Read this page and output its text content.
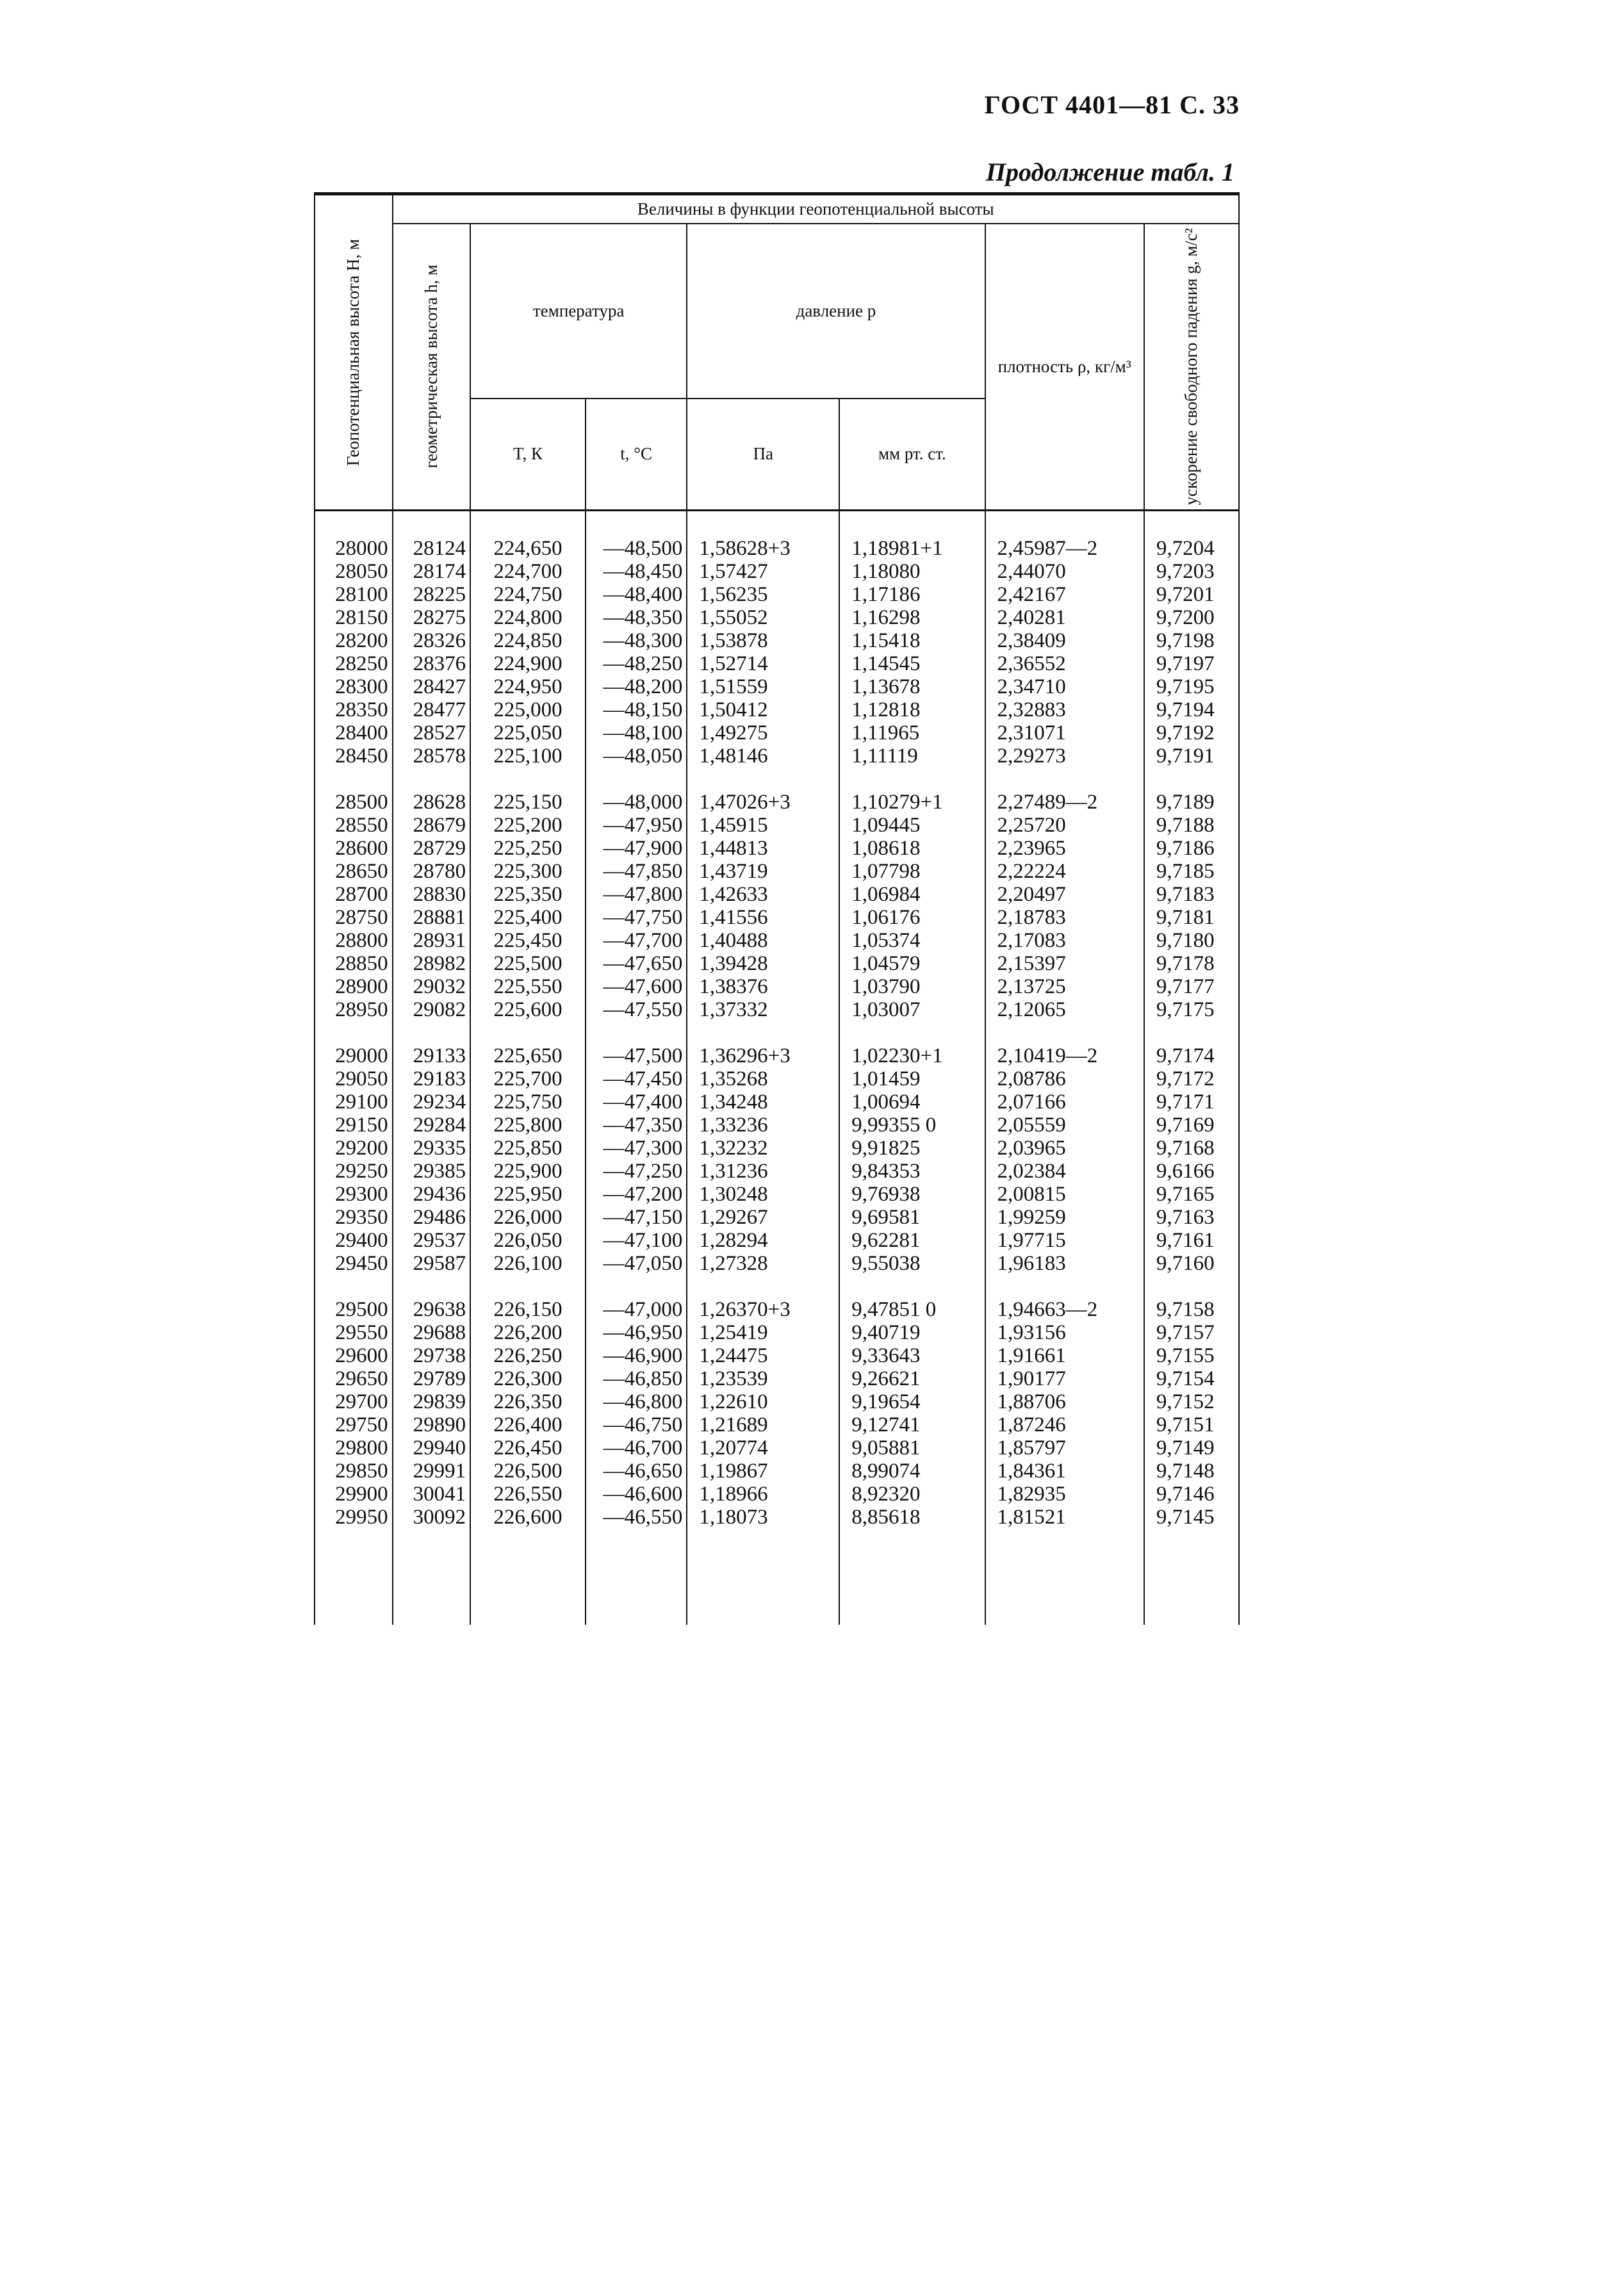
ГОСТ 4401—81 С. 33
Продолжение табл. 1
Геопотенциальная высота H, м	Величины в функции геопотенциальной высоты						

	геометрическая высота h, м	температура		давление p		плотность ρ, кг/м³	ускорение свободного падения g, м/с²

		T, К	t, °С	Па	мм рт. ст.		

28000	28124	224,650	—48,500	1,58628+3	1,18981+1	2,45987—2	9,7204
28050	28174	224,700	—48,450	1,57427	1,18080	2,44070	9,7203
28100	28225	224,750	—48,400	1,56235	1,17186	2,42167	9,7201
28150	28275	224,800	—48,350	1,55052	1,16298	2,40281	9,7200
28200	28326	224,850	—48,300	1,53878	1,15418	2,38409	9,7198
28250	28376	224,900	—48,250	1,52714	1,14545	2,36552	9,7197
28300	28427	224,950	—48,200	1,51559	1,13678	2,34710	9,7195
28350	28477	225,000	—48,150	1,50412	1,12818	2,32883	9,7194
28400	28527	225,050	—48,100	1,49275	1,11965	2,31071	9,7192
28450	28578	225,100	—48,050	1,48146	1,11119	2,29273	9,7191

28500	28628	225,150	—48,000	1,47026+3	1,10279+1	2,27489—2	9,7189
28550	28679	225,200	—47,950	1,45915	1,09445	2,25720	9,7188
28600	28729	225,250	—47,900	1,44813	1,08618	2,23965	9,7186
28650	28780	225,300	—47,850	1,43719	1,07798	2,22224	9,7185
28700	28830	225,350	—47,800	1,42633	1,06984	2,20497	9,7183
28750	28881	225,400	—47,750	1,41556	1,06176	2,18783	9,7181
28800	28931	225,450	—47,700	1,40488	1,05374	2,17083	9,7180
28850	28982	225,500	—47,650	1,39428	1,04579	2,15397	9,7178
28900	29032	225,550	—47,600	1,38376	1,03790	2,13725	9,7177
28950	29082	225,600	—47,550	1,37332	1,03007	2,12065	9,7175

29000	29133	225,650	—47,500	1,36296+3	1,02230+1	2,10419—2	9,7174
29050	29183	225,700	—47,450	1,35268	1,01459	2,08786	9,7172
29100	29234	225,750	—47,400	1,34248	1,00694	2,07166	9,7171
29150	29284	225,800	—47,350	1,33236	9,99355 0	2,05559	9,7169
29200	29335	225,850	—47,300	1,32232	9,91825	2,03965	9,7168
29250	29385	225,900	—47,250	1,31236	9,84353	2,02384	9,6166
29300	29436	225,950	—47,200	1,30248	9,76938	2,00815	9,7165
29350	29486	226,000	—47,150	1,29267	9,69581	1,99259	9,7163
29400	29537	226,050	—47,100	1,28294	9,62281	1,97715	9,7161
29450	29587	226,100	—47,050	1,27328	9,55038	1,96183	9,7160

29500	29638	226,150	—47,000	1,26370+3	9,47851 0	1,94663—2	9,7158
29550	29688	226,200	—46,950	1,25419	9,40719	1,93156	9,7157
29600	29738	226,250	—46,900	1,24475	9,33643	1,91661	9,7155
29650	29789	226,300	—46,850	1,23539	9,26621	1,90177	9,7154
29700	29839	226,350	—46,800	1,22610	9,19654	1,88706	9,7152
29750	29890	226,400	—46,750	1,21689	9,12741	1,87246	9,7151
29800	29940	226,450	—46,700	1,20774	9,05881	1,85797	9,7149
29850	29991	226,500	—46,650	1,19867	8,99074	1,84361	9,7148
29900	30041	226,550	—46,600	1,18966	8,92320	1,82935	9,7146
29950	30092	226,600	—46,550	1,18073	8,85618	1,81521	9,7145
